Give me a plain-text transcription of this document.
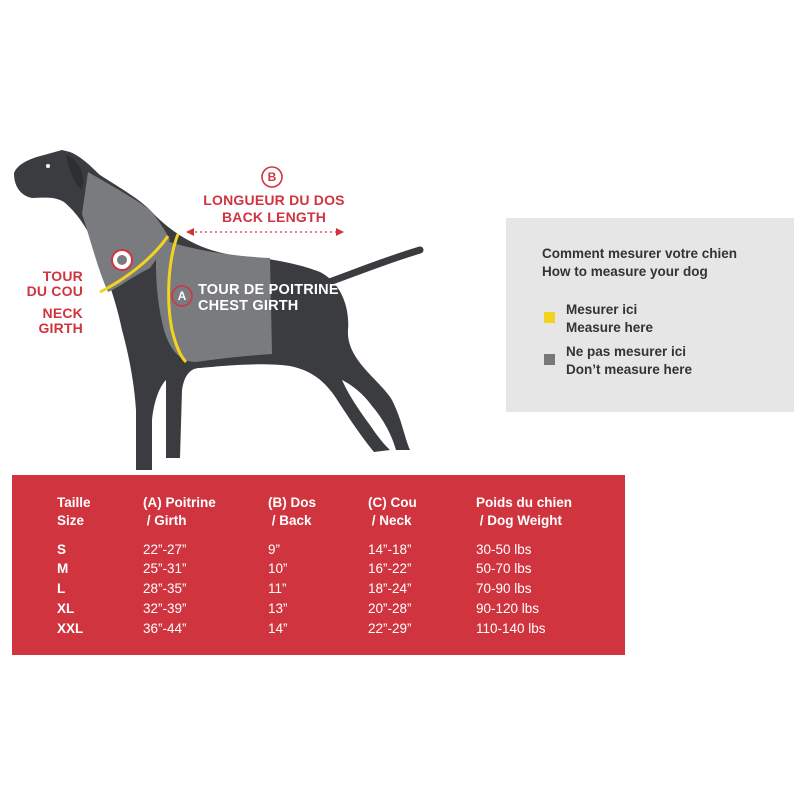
B
A
LONGUEUR DU DOS
BACK LENGTH
TOUR
DU COU
NECK
GIRTH
TOUR DE POITRINE
CHEST GIRTH
Comment mesurer votre chien
How to measure your dog
Mesurer ici
Measure here
Ne pas mesurer ici
Don’t measure here
Taille
Size
(A) Poitrine
/ Girth
(B) Dos
/ Back
(C) Cou
/ Neck
Poids du chien
/ Dog Weight
S	22”-27”	9”	14”-18”	30-50 lbs
M	25”-31”	10”	16”-22”	50-70 lbs
L	28”-35”	11”	18”-24”	70-90 lbs
XL	32”-39”	13”	20”-28”	90-120 lbs
XXL	36”-44”	14”	22”-29”	110-140 lbs
